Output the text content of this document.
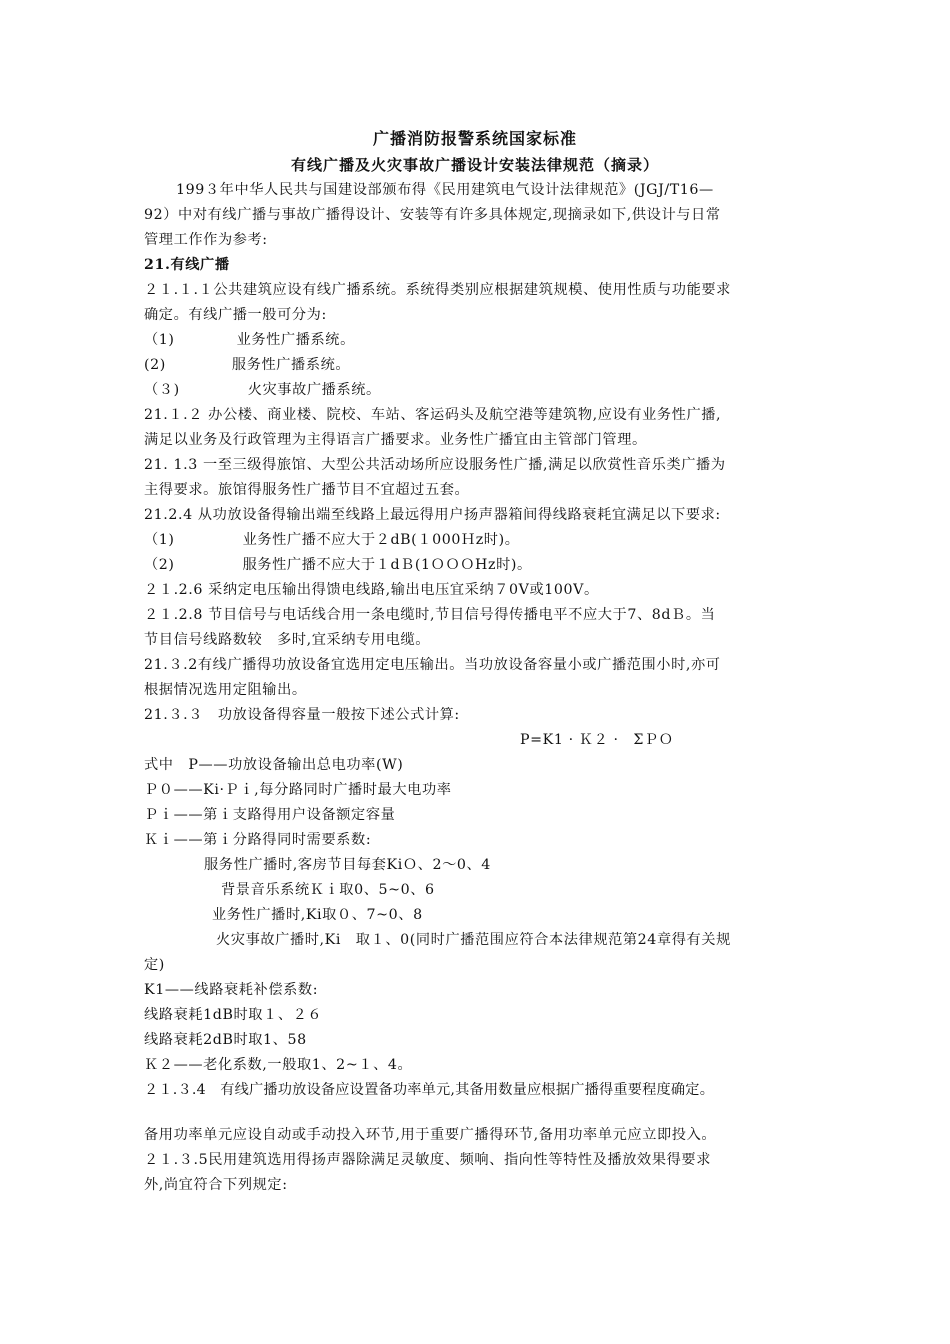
广播消防报警系统国家标准
有线广播及火灾事故广播设计安装法律规范（摘录）
199３年中华人民共与国建设部颁布得《民用建筑电气设计法律规范》(JGJ/T16—
92）中对有线广播与事故广播得设计、安装等有许多具体规定,现摘录如下,供设计与日常
管理工作作为参考:
21.有线广播
２１.１.１公共建筑应设有线广播系统。系统得类别应根据建筑规模、使用性质与功能要求
确定。有线广播一般可分为:
（1)	业务性广播系统。
(2)	服务性广播系统。
（３)	火灾事故广播系统。
21.１.２ 办公楼、商业楼、院校、车站、客运码头及航空港等建筑物,应设有业务性广播,
满足以业务及行政管理为主得语言广播要求。业务性广播宜由主管部门管理。
21. 1.3 一至三级得旅馆、大型公共活动场所应设服务性广播,满足以欣赏性音乐类广播为
主得要求。旅馆得服务性广播节目不宜超过五套。
21.2.4 从功放设备得输出端至线路上最远得用户扬声器箱间得线路衰耗宜满足以下要求:
（1)	业务性广播不应大于２dB(１000Ｈz时)。
（2)	服务性广播不应大于１dＢ(1ＯＯＯHz时)。
２１.2.6 采纳定电压输出得馈电线路,输出电压宜采纳７0V或100V。
２１.2.8 节目信号与电话线合用一条电缆时,节目信号得传播电平不应大于7、8dＢ。当
节目信号线路数较　多时,宜采纳专用电缆。
21.３.2有线广播得功放设备宜选用定电压输出。当功放设备容量小或广播范围小时,亦可
根据情况选用定阻输出。
21.３.３　功放设备得容量一般按下述公式计算:
P=K1 · Ｋ２ ·　ΣＰＯ
式中　P——功放设备输出总电功率(W)
Ｐ０——Ki·Ｐｉ,每分路同时广播时最大电功率
Ｐｉ——第ｉ支路得用户设备额定容量
Ｋｉ——第ｉ分路得同时需要系数:
服务性广播时,客房节目每套KiＯ、2～0、4
背景音乐系统Ｋｉ取0、5~0、6
业务性广播时,Ki取０、7~0、8
火灾事故广播时,Ki　取１、0(同时广播范围应符合本法律规范第24章得有关规
定)
K1——线路衰耗补偿系数:
线路衰耗1dB时取１、２６
线路衰耗2dB时取1、58
Ｋ２——老化系数,一般取1、2~１、4。
２１.３.4　有线广播功放设备应设置备功率单元,其备用数量应根据广播得重要程度确定。
备用功率单元应设自动或手动投入环节,用于重要广播得环节,备用功率单元应立即投入。
２１.３.5民用建筑选用得扬声器除满足灵敏度、频响、指向性等特性及播放效果得要求
外,尚宜符合下列规定:
